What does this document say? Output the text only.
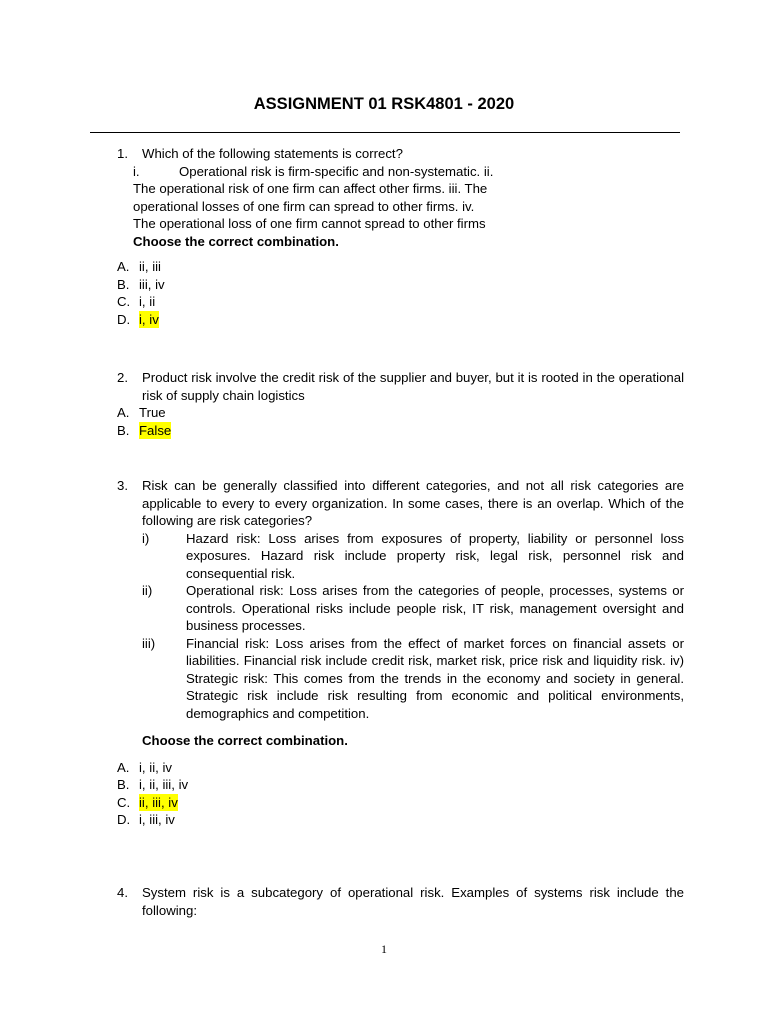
ASSIGNMENT 01 RSK4801 - 2020
1. Which of the following statements is correct?
i.	Operational risk is firm-specific and non-systematic. ii.
The operational risk of one firm can affect other firms. iii. The
operational losses of one firm can spread to other firms. iv.
The operational loss of one firm cannot spread to other firms
Choose the correct combination.
A. ii, iii
B. iii, iv
C. i, ii
D. i, iv
2. Product risk involve the credit risk of the supplier and buyer, but it is rooted in the operational risk of supply chain logistics
A. True
B. False
3. Risk can be generally classified into different categories, and not all risk categories are applicable to every to every organization. In some cases, there is an overlap. Which of the following are risk categories?
i)	Hazard risk: Loss arises from exposures of property, liability or personnel loss exposures. Hazard risk include property risk, legal risk, personnel risk and consequential risk.
ii)	Operational risk: Loss arises from the categories of people, processes, systems or controls. Operational risks include people risk, IT risk, management oversight and business processes.
iii)	Financial risk: Loss arises from the effect of market forces on financial assets or liabilities. Financial risk include credit risk, market risk, price risk and liquidity risk. iv) Strategic risk: This comes from the trends in the economy and society in general. Strategic risk include risk resulting from economic and political environments, demographics and competition.
Choose the correct combination.
A. i, ii, iv
B. i, ii, iii, iv
C. ii, iii, iv
D. i, iii, iv
4. System risk is a subcategory of operational risk. Examples of systems risk include the following:
1
